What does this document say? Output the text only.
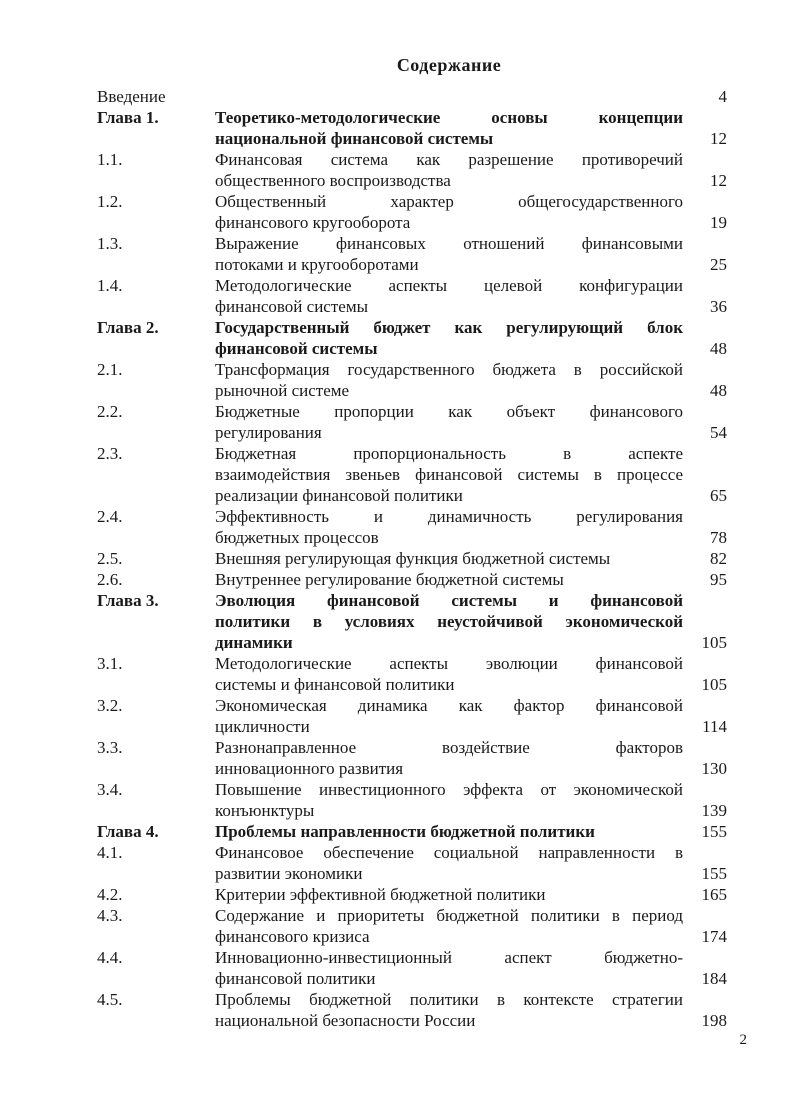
Содержание
Введение	4
Глава 1.	Теоретико-методологические основы концепции
национальной финансовой системы	12
1.1.	Финансовая система как разрешение противоречий
общественного воспроизводства	12
1.2.	Общественный характер общегосударственного
финансового кругооборота	19
1.3.	Выражение финансовых отношений финансовыми
потоками и кругооборотами	25
1.4.	Методологические аспекты целевой конфигурации
финансовой системы	36
Глава 2.	Государственный бюджет как регулирующий блок
финансовой системы	48
2.1.	Трансформация государственного бюджета в российской
рыночной системе	48
2.2.	Бюджетные пропорции как объект финансового
регулирования	54
2.3.	Бюджетная пропорциональность в аспекте
взаимодействия звеньев финансовой системы в процессе
реализации финансовой политики	65
2.4.	Эффективность и динамичность регулирования
бюджетных процессов	78
2.5.	Внешняя регулирующая функция бюджетной системы	82
2.6.	Внутреннее регулирование бюджетной системы	95
Глава 3.	Эволюция финансовой системы и финансовой
политики в условиях неустойчивой экономической
динамики	105
3.1.	Методологические аспекты эволюции финансовой
системы и финансовой политики	105
3.2.	Экономическая динамика как фактор финансовой
цикличности	114
3.3.	Разнонаправленное воздействие факторов
инновационного развития	130
3.4.	Повышение инвестиционного эффекта от экономической
конъюнктуры	139
Глава 4.	Проблемы направленности бюджетной политики	155
4.1.	Финансовое обеспечение социальной направленности в
развитии экономики	155
4.2.	Критерии эффективной бюджетной политики	165
4.3.	Содержание и приоритеты бюджетной политики в период
финансового кризиса	174
4.4.	Инновационно-инвестиционный аспект бюджетно-
финансовой политики	184
4.5.	Проблемы бюджетной политики в контексте стратегии
национальной безопасности России	198
2
